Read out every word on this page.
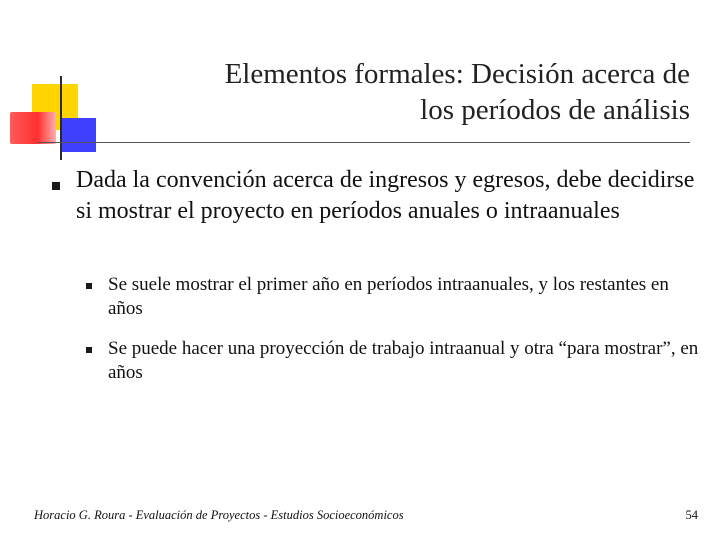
Elementos formales: Decisión acerca de
los períodos de análisis
Dada la convención acerca de ingresos y egresos, debe decidirse si mostrar el proyecto en períodos anuales o intraanuales
Se suele mostrar el primer año en períodos intraanuales, y los restantes en años
Se puede hacer una proyección de trabajo intraanual y otra “para mostrar”, en años
Horacio G. Roura - Evaluación de Proyectos - Estudios Socioeconómicos	54
